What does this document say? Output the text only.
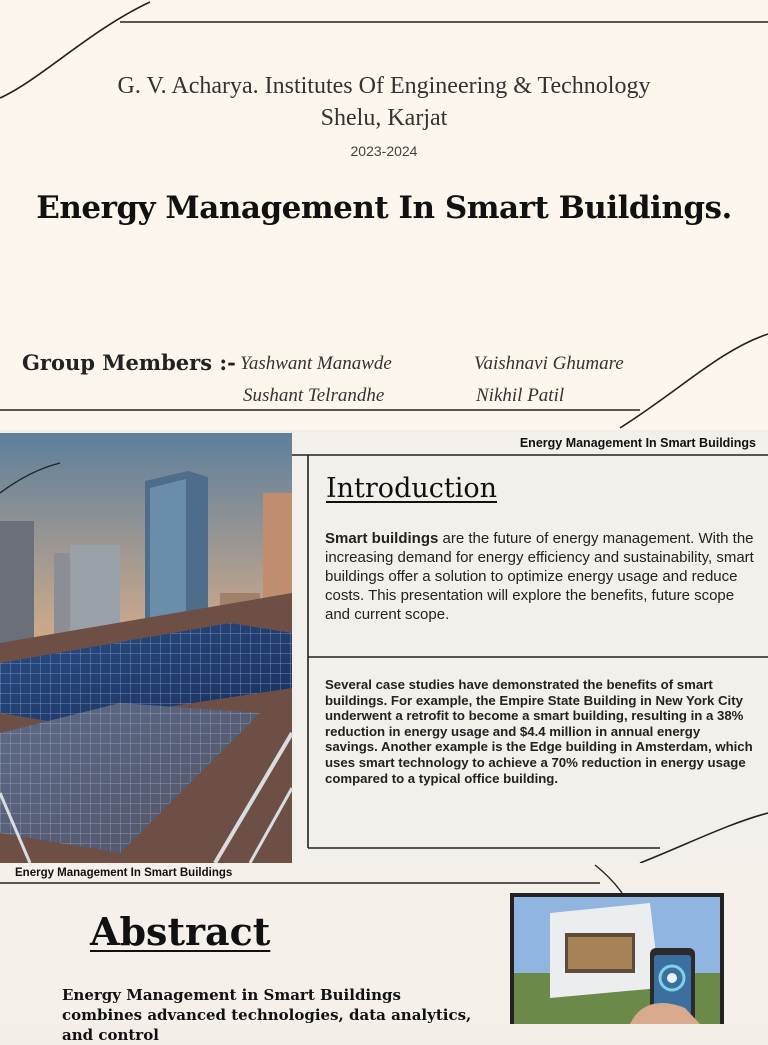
G. V. Acharya. Institutes Of Engineering & Technology
Shelu, Karjat
2023-2024
Energy Management In Smart Buildings.
Group Members :- Yashwant Manawde	Vaishnavi Ghumare
Sushant Telrandhe	Nikhil Patil
Energy Management In Smart Buildings
Introduction
Smart buildings are the future of energy management. With the increasing demand for energy efficiency and sustainability, smart buildings offer a solution to optimize energy usage and reduce costs. This presentation will explore the benefits, future scope and current scope.
Several case studies have demonstrated the benefits of smart buildings. For example, the Empire State Building in New York City underwent a retrofit to become a smart building, resulting in a 38% reduction in energy usage and $4.4 million in annual energy savings. Another example is the Edge building in Amsterdam, which uses smart technology to achieve a 70% reduction in energy usage compared to a typical office building.
Energy Management In Smart Buildings
Abstract
Energy Management in Smart Buildings combines advanced technologies, data analytics, and control
